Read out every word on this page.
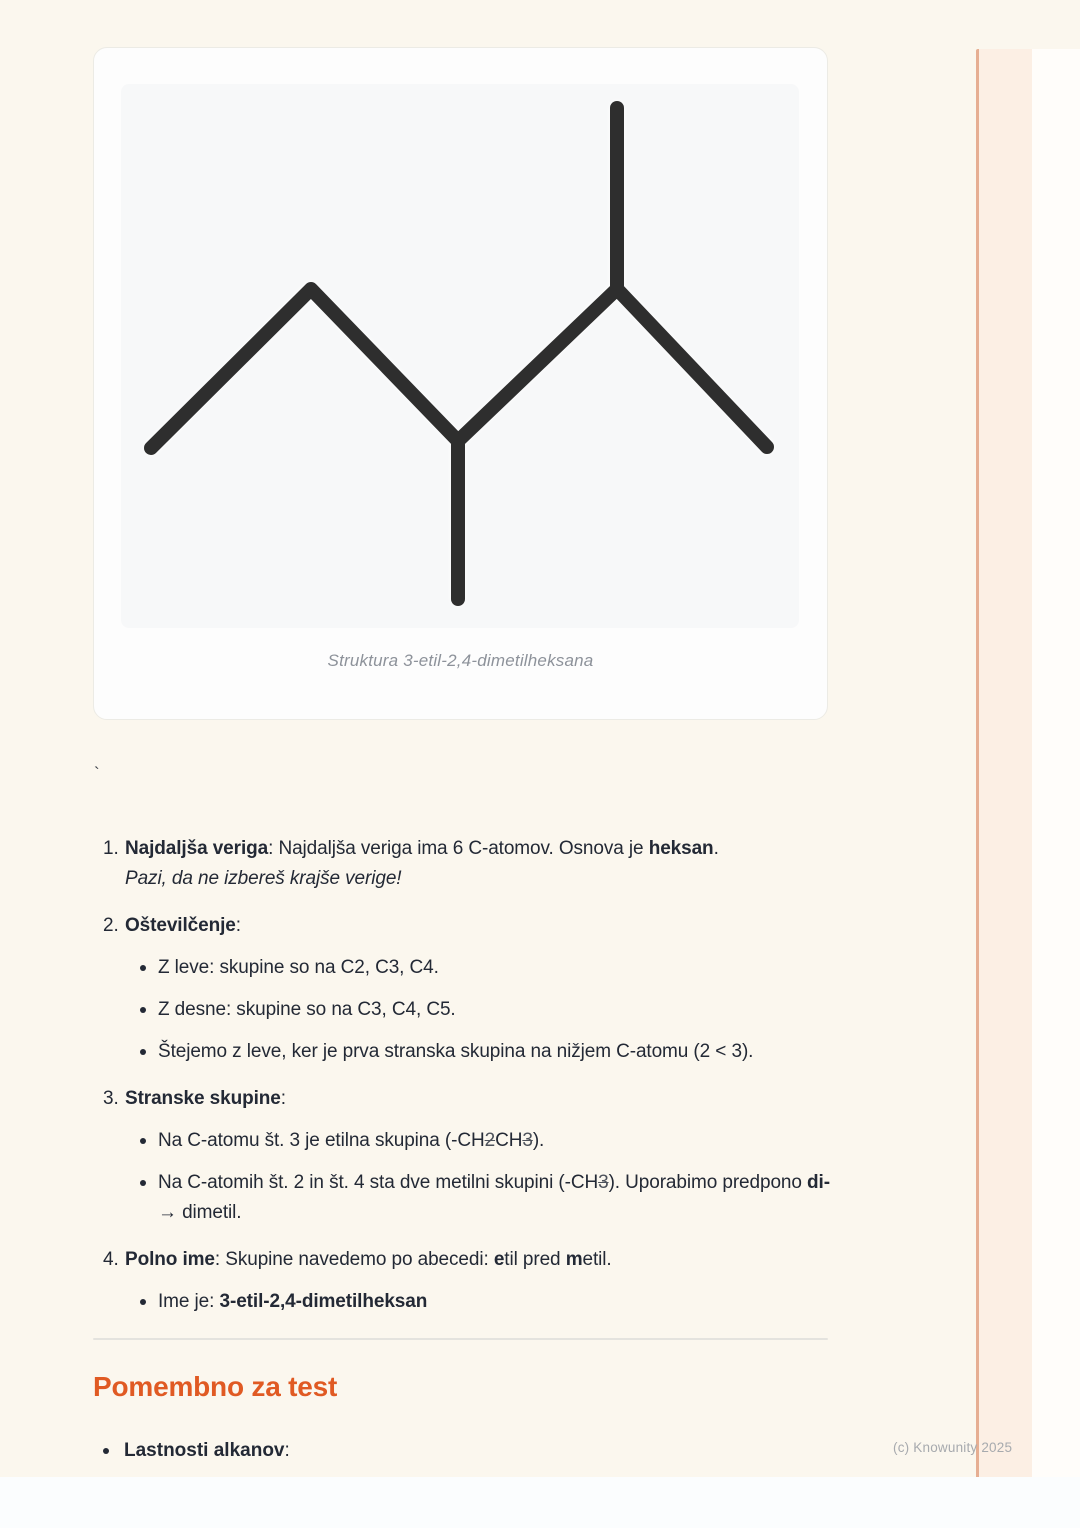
Struktura 3-etil-2,4-dimetilheksana
`
1. Najdaljša veriga: Najdaljša veriga ima 6 C-atomov. Osnova je heksan.
Pazi, da ne izbereš krajše verige!
2. Oštevilčenje:
Z leve: skupine so na C2, C3, C4.
Z desne: skupine so na C3, C4, C5.
Štejemo z leve, ker je prva stranska skupina na nižjem C-atomu (2 < 3).
3. Stranske skupine:
Na C-atomu št. 3 je etilna skupina (-CH2CH3).
Na C-atomih št. 2 in št. 4 sta dve metilni skupini (-CH3). Uporabimo predpono di- → dimetil.
4. Polno ime: Skupine navedemo po abecedi: etil pred metil.
Ime je: 3-etil-2,4-dimetilheksan
Pomembno za test
Lastnosti alkanov:	(c) Knowunity 2025
